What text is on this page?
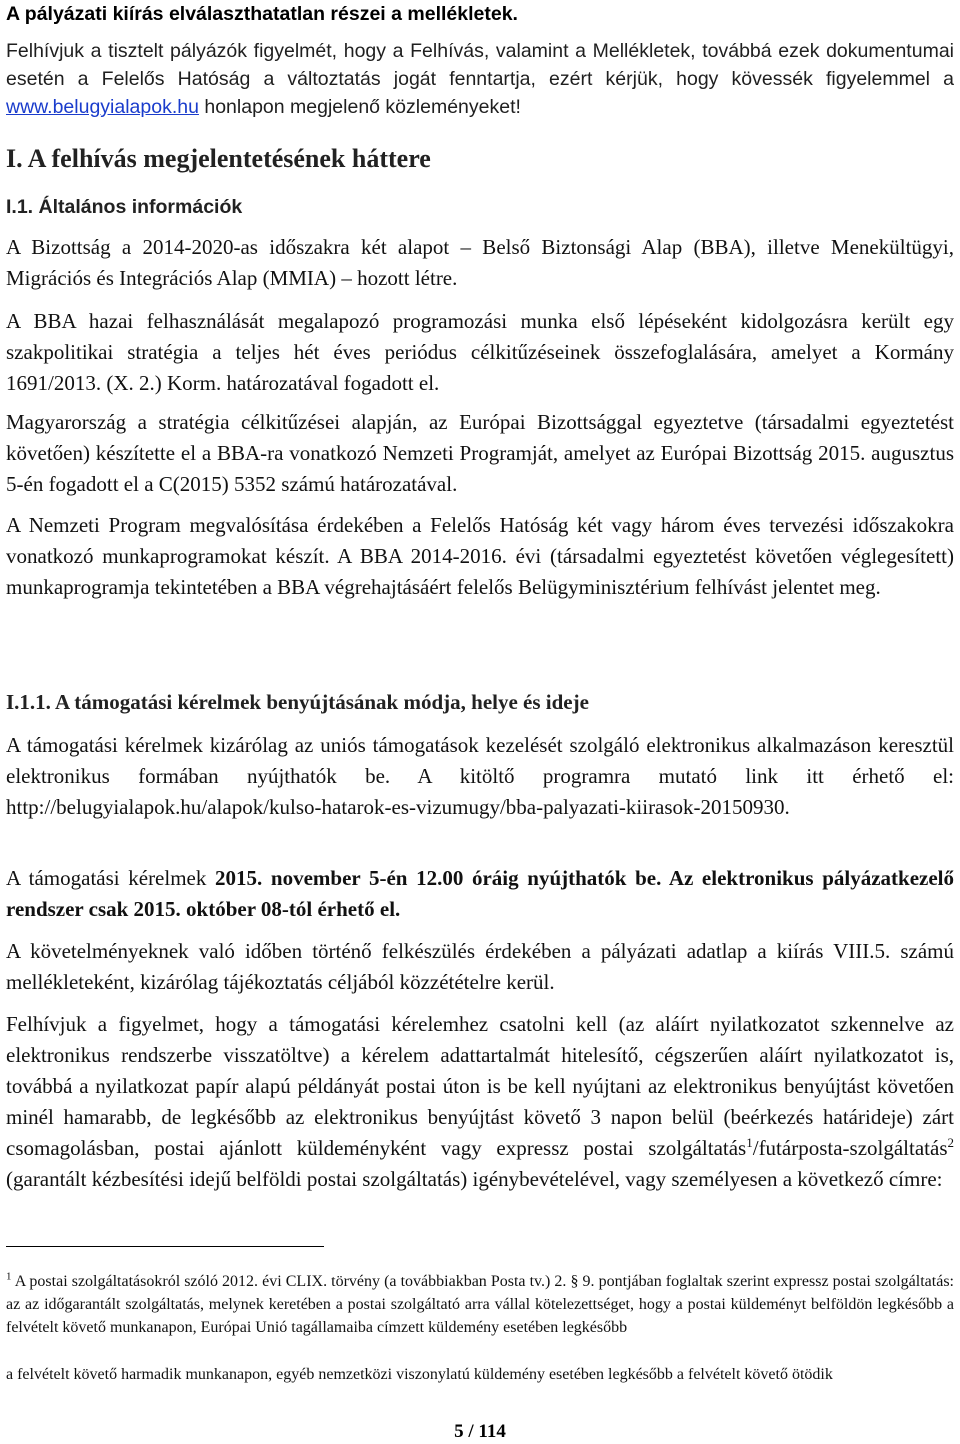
A pályázati kiírás elválaszthatatlan részei a mellékletek.

Felhívjuk a tisztelt pályázók figyelmét, hogy a Felhívás, valamint a Mellékletek, továbbá ezek dokumentumai esetén a Felelős Hatóság a változtatás jogát fenntartja, ezért kérjük, hogy kövessék figyelemmel a www.belugyialapok.hu honlapon megjelenő közleményeket!

I. A felhívás megjelentetésének háttere

I.1. Általános információk

A Bizottság a 2014-2020-as időszakra két alapot – Belső Biztonsági Alap (BBA), illetve Menekültügyi, Migrációs és Integrációs Alap (MMIA) – hozott létre.

A BBA hazai felhasználását megalapozó programozási munka első lépéseként kidolgozásra került egy szakpolitikai stratégia a teljes hét éves periódus célkitűzéseinek összefoglalására, amelyet a Kormány 1691/2013. (X. 2.) Korm. határozatával fogadott el.

Magyarország a stratégia célkitűzései alapján, az Európai Bizottsággal egyeztetve (társadalmi egyeztetést követően) készítette el a BBA-ra vonatkozó Nemzeti Programját, amelyet az Európai Bizottság 2015. augusztus 5-én fogadott el a C(2015) 5352 számú határozatával.

A Nemzeti Program megvalósítása érdekében a Felelős Hatóság két vagy három éves tervezési időszakokra vonatkozó munkaprogramokat készít. A BBA 2014-2016. évi (társadalmi egyeztetést követően véglegesített) munkaprogramja tekintetében a BBA végrehajtásáért felelős Belügyminisztérium felhívást jelentet meg.

I.1.1. A támogatási kérelmek benyújtásának módja, helye és ideje

A támogatási kérelmek kizárólag az uniós támogatások kezelését szolgáló elektronikus alkalmazáson keresztül elektronikus formában nyújthatók be. A kitöltő programra mutató link itt érhető el: http://belugyialapok.hu/alapok/kulso-hatarok-es-vizumugy/bba-palyazati-kiirasok-20150930.

A támogatási kérelmek 2015. november 5-én 12.00 óráig nyújthatók be. Az elektronikus pályázatkezelő rendszer csak 2015. október 08-tól érhető el.

A követelményeknek való időben történő felkészülés érdekében a pályázati adatlap a kiírás VIII.5. számú mellékleteként, kizárólag tájékoztatás céljából közzétételre kerül.

Felhívjuk a figyelmet, hogy a támogatási kérelemhez csatolni kell (az aláírt nyilatkozatot szkennelve az elektronikus rendszerbe visszatöltve) a kérelem adattartalmát hitelesítő, cégszerűen aláírt nyilatkozatot is, továbbá a nyilatkozat papír alapú példányát postai úton is be kell nyújtani az elektronikus benyújtást követően minél hamarabb, de legkésőbb az elektronikus benyújtást követő 3 napon belül (beérkezés határideje) zárt csomagolásban, postai ajánlott küldeményként vagy expressz postai szolgáltatás$^1$/futárposta-szolgáltatás$^2$ (garantált kézbesítési idejű belföldi postai szolgáltatás) igénybevételével, vagy személyesen a következő címre:

$^1$ A postai szolgáltatásokról szóló 2012. évi CLIX. törvény (a továbbiakban Posta tv.) 2. § 9. pontjában foglaltak szerint expressz postai szolgáltatás: az az időgarantált szolgáltatás, melynek keretében a postai szolgáltató arra vállal kötelezettséget, hogy a postai küldeményt belföldön legkésőbb a felvételt követő munkanapon, Európai Unió tagállamaiba címzett küldemény esetében legkésőbb

a felvételt követő harmadik munkanapon, egyéb nemzetközi viszonylatú küldemény esetében legkésőbb a felvételt követő ötödik

5 / 114
